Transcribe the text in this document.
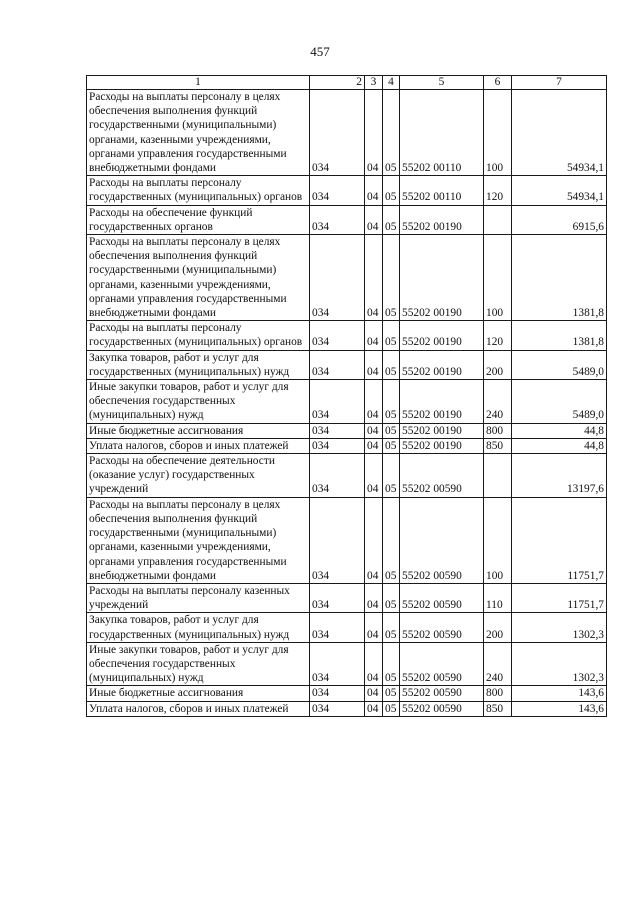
457
1	2	3	4	5	6	7
Расходы на выплаты персоналу в целях обеспечения выполнения функций государственными (муниципальными) органами, казенными учреждениями, органами управления государственными внебюджетными фондами	034	04	05	55202 00110	100	54934,1
Расходы на выплаты персоналу государственных (муниципальных) органов	034	04	05	55202 00110	120	54934,1
Расходы на обеспечение функций государственных органов	034	04	05	55202 00190		6915,6
Расходы на выплаты персоналу в целях обеспечения выполнения функций государственными (муниципальными) органами, казенными учреждениями, органами управления государственными внебюджетными фондами	034	04	05	55202 00190	100	1381,8
Расходы на выплаты персоналу государственных (муниципальных) органов	034	04	05	55202 00190	120	1381,8
Закупка товаров, работ и услуг для государственных (муниципальных) нужд	034	04	05	55202 00190	200	5489,0
Иные закупки товаров, работ и услуг для обеспечения государственных (муниципальных) нужд	034	04	05	55202 00190	240	5489,0
Иные бюджетные ассигнования	034	04	05	55202 00190	800	44,8
Уплата налогов, сборов и иных платежей	034	04	05	55202 00190	850	44,8
Расходы на обеспечение деятельности (оказание услуг) государственных учреждений	034	04	05	55202 00590		13197,6
Расходы на выплаты персоналу в целях обеспечения выполнения функций государственными (муниципальными) органами, казенными учреждениями, органами управления государственными внебюджетными фондами	034	04	05	55202 00590	100	11751,7
Расходы на выплаты персоналу казенных учреждений	034	04	05	55202 00590	110	11751,7
Закупка товаров, работ и услуг для государственных (муниципальных) нужд	034	04	05	55202 00590	200	1302,3
Иные закупки товаров, работ и услуг для обеспечения государственных (муниципальных) нужд	034	04	05	55202 00590	240	1302,3
Иные бюджетные ассигнования	034	04	05	55202 00590	800	143,6
Уплата налогов, сборов и иных платежей	034	04	05	55202 00590	850	143,6
